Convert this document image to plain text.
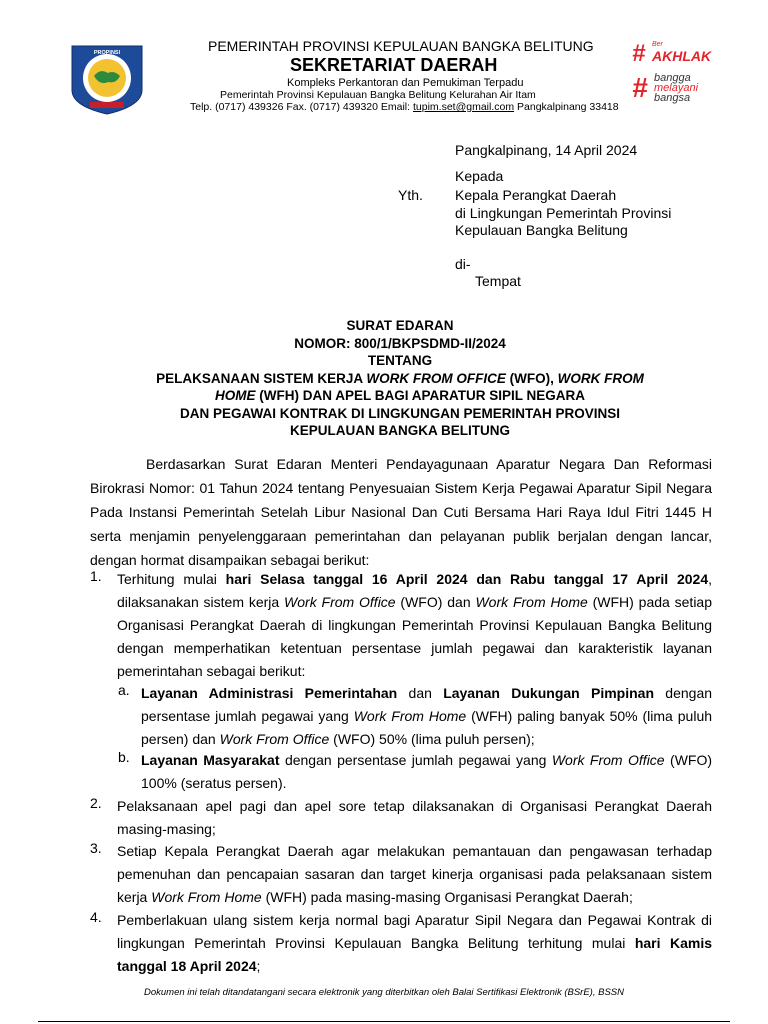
PROPINSI	PEMERINTAH PROVINSI KEPULAUAN BANGKA BELITUNG
SEKRETARIAT DAERAH
Kompleks Perkantoran dan Pemukiman Terpadu
Pemerintah Provinsi Kepulauan Bangka Belitung Kelurahan Air Itam
Telp. (0717) 439326 Fax. (0717) 439320 Email: tupim.set@gmail.com Pangkalpinang 33418
# Ber
AKHLAK
# bangga
melayani
bangsa
Pangkalpinang, 14 April 2024
Kepada
Yth. Kepala Perangkat Daerah
di Lingkungan Pemerintah Provinsi
Kepulauan Bangka Belitung
di-
Tempat
SURAT EDARAN
NOMOR: 800/1/BKPSDMD-II/2024
TENTANG
PELAKSANAAN SISTEM KERJA WORK FROM OFFICE (WFO), WORK FROM
HOME (WFH) DAN APEL BAGI APARATUR SIPIL NEGARA
DAN PEGAWAI KONTRAK DI LINGKUNGAN PEMERINTAH PROVINSI
KEPULAUAN BANGKA BELITUNG
Berdasarkan Surat Edaran Menteri Pendayagunaan Aparatur Negara Dan Reformasi Birokrasi Nomor: 01 Tahun 2024 tentang Penyesuaian Sistem Kerja Pegawai Aparatur Sipil Negara Pada Instansi Pemerintah Setelah Libur Nasional Dan Cuti Bersama Hari Raya Idul Fitri 1445 H serta menjamin penyelenggaraan pemerintahan dan pelayanan publik berjalan dengan lancar, dengan hormat disampaikan sebagai berikut:
1. Terhitung mulai hari Selasa tanggal 16 April 2024 dan Rabu tanggal 17 April 2024, dilaksanakan sistem kerja Work From Office (WFO) dan Work From Home (WFH) pada setiap Organisasi Perangkat Daerah di lingkungan Pemerintah Provinsi Kepulauan Bangka Belitung dengan memperhatikan ketentuan persentase jumlah pegawai dan karakteristik layanan pemerintahan sebagai berikut:
a. Layanan Administrasi Pemerintahan dan Layanan Dukungan Pimpinan dengan persentase jumlah pegawai yang Work From Home (WFH) paling banyak 50% (lima puluh persen) dan Work From Office (WFO) 50% (lima puluh persen);
b. Layanan Masyarakat dengan persentase jumlah pegawai yang Work From Office (WFO) 100% (seratus persen).
2. Pelaksanaan apel pagi dan apel sore tetap dilaksanakan di Organisasi Perangkat Daerah masing-masing;
3. Setiap Kepala Perangkat Daerah agar melakukan pemantauan dan pengawasan terhadap pemenuhan dan pencapaian sasaran dan target kinerja organisasi pada pelaksanaan sistem kerja Work From Home (WFH) pada masing-masing Organisasi Perangkat Daerah;
4. Pemberlakuan ulang sistem kerja normal bagi Aparatur Sipil Negara dan Pegawai Kontrak di lingkungan Pemerintah Provinsi Kepulauan Bangka Belitung terhitung mulai hari Kamis tanggal 18 April 2024;
Dokumen ini telah ditandatangani secara elektronik yang diterbitkan oleh Balai Sertifikasi Elektronik (BSrE), BSSN
